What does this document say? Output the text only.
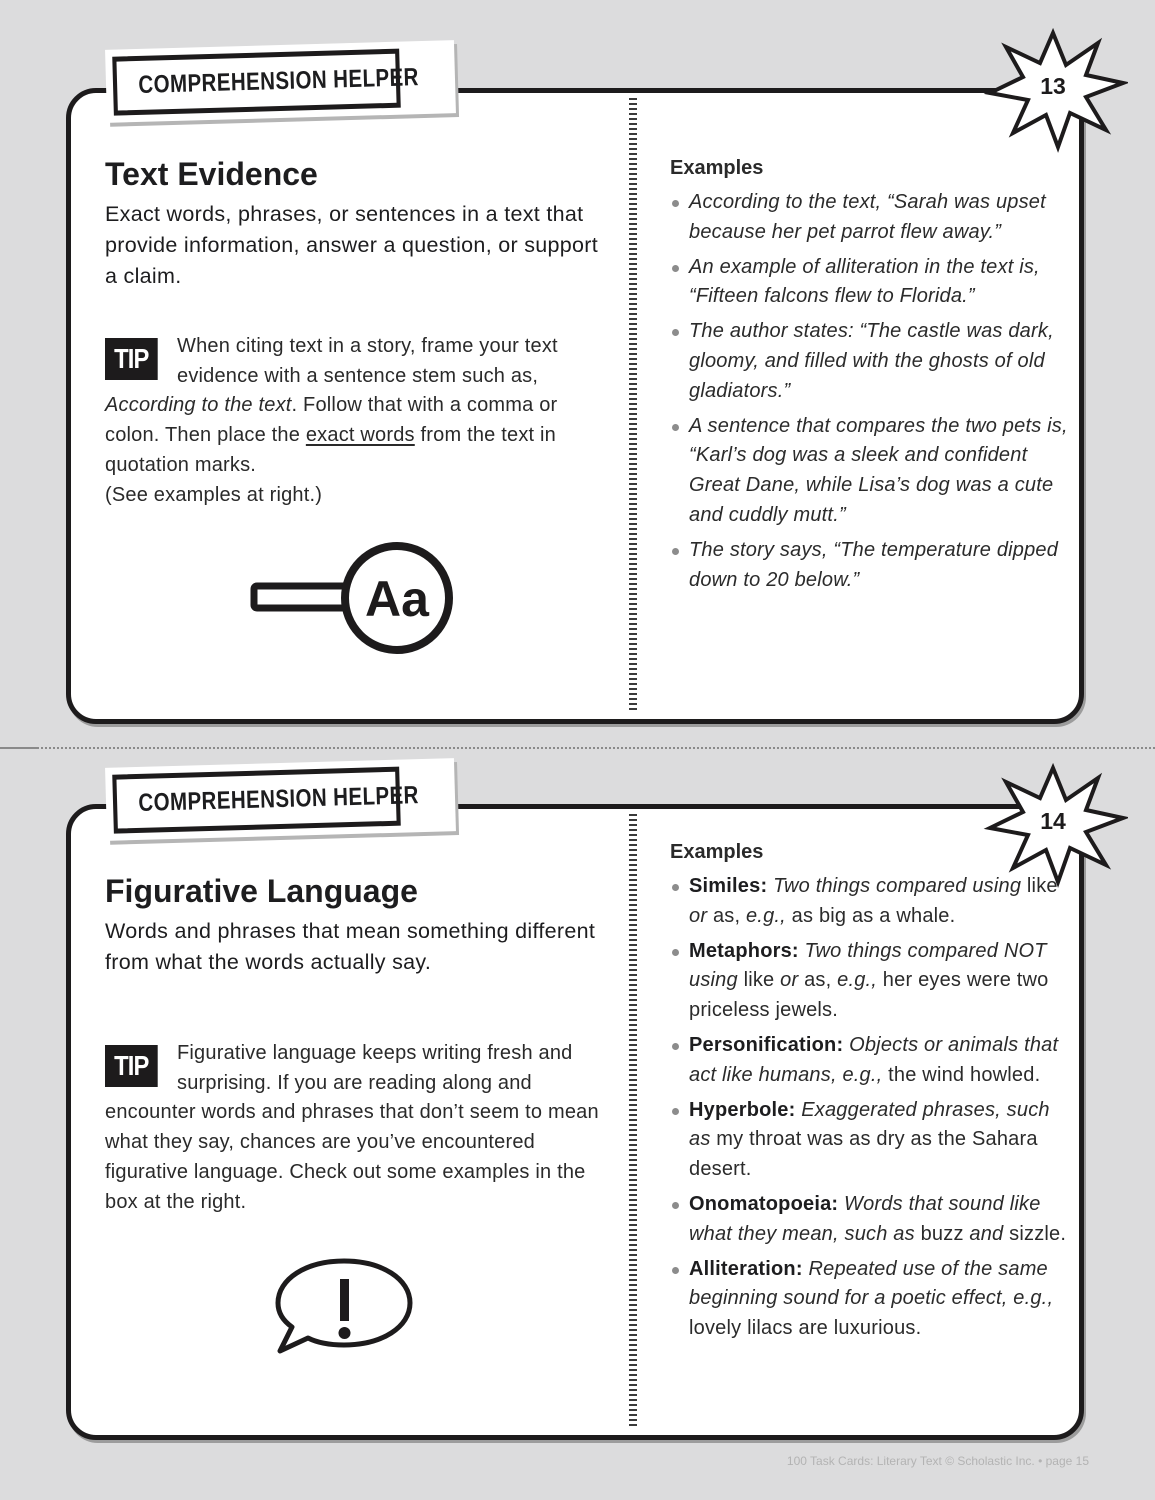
COMPREHENSION HELPER	13
Text Evidence
Exact words, phrases, or sentences in a text that provide information, answer a question, or support a claim.
TIP	When citing text in a story, frame your text evidence with a sentence stem such as, According to the text. Follow that with a comma or colon. Then place the exact words from the text in quotation marks.
(See examples at right.)
Aa
Examples
According to the text, “Sarah was upset because her pet parrot flew away.”
An example of alliteration in the text is, “Fifteen falcons flew to Florida.”
The author states: “The castle was dark, gloomy, and filled with the ghosts of old gladiators.”
A sentence that compares the two pets is, “Karl’s dog was a sleek and confident Great Dane, while Lisa’s dog was a cute and cuddly mutt.”
The story says, “The temperature dipped down to 20 below.”
COMPREHENSION HELPER
14
Figurative Language
Words and phrases that mean something different from what the words actually say.
TIP	Figurative language keeps writing fresh and surprising. If you are reading along and encounter words and phrases that don’t seem to mean what they say, chances are you’ve encountered figurative language. Check out some examples in the box at the right.
Examples
Similes: Two things compared using like or as, e.g., as big as a whale.
Metaphors: Two things compared NOT using like or as, e.g., her eyes were two priceless jewels.
Personification: Objects or animals that act like humans, e.g., the wind howled.
Hyperbole: Exaggerated phrases, such as my throat was as dry as the Sahara desert.
Onomatopoeia: Words that sound like what they mean, such as buzz and sizzle.
Alliteration: Repeated use of the same beginning sound for a poetic effect, e.g., lovely lilacs are luxurious.
100 Task Cards: Literary Text © Scholastic Inc. • page 15
